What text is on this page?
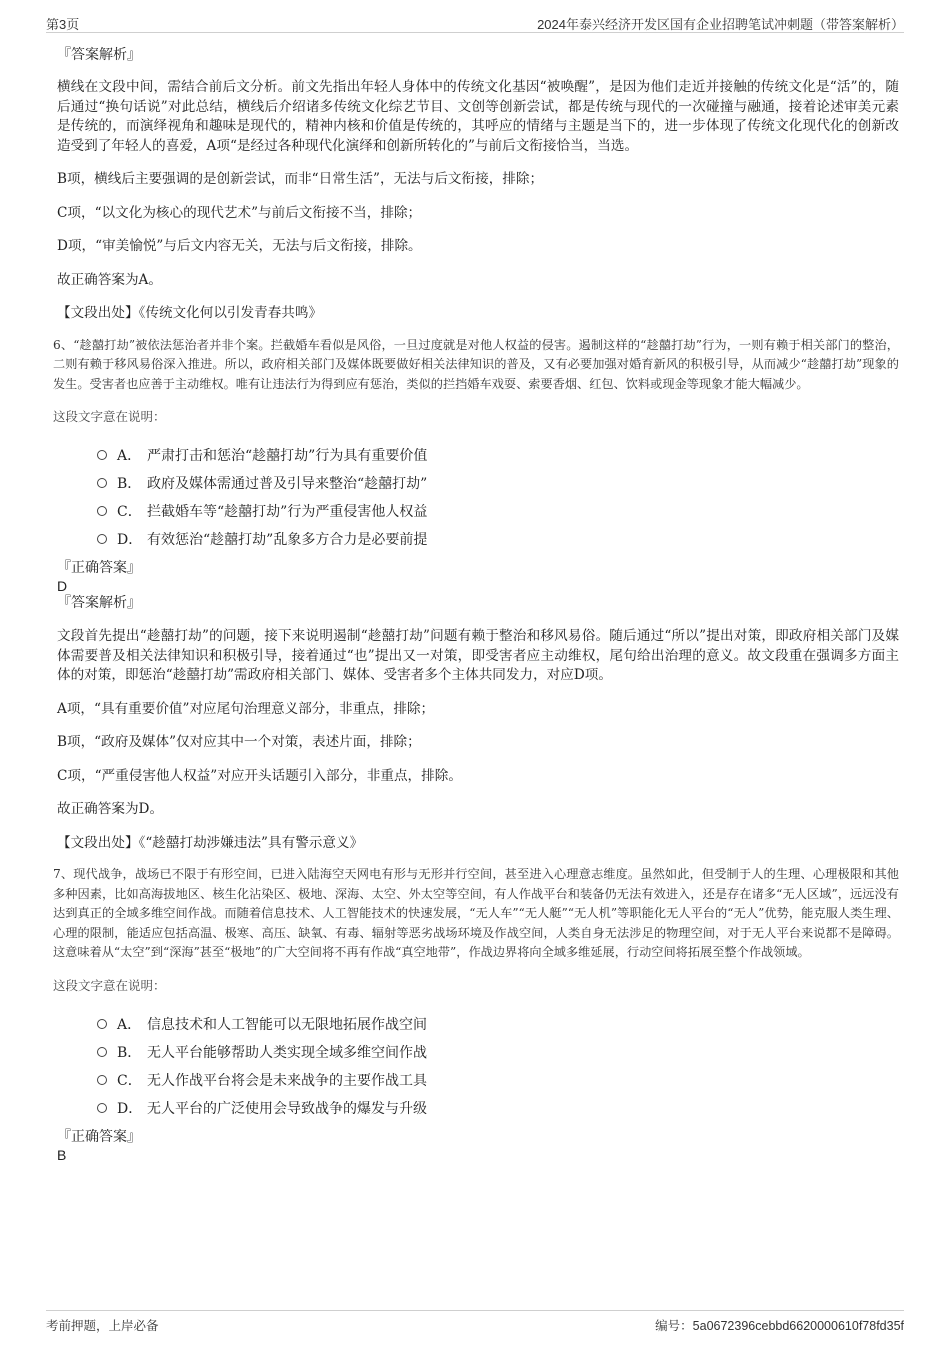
第3页	2024年泰兴经济开发区国有企业招聘笔试冲刺题（带答案解析）

『答案解析』

横线在文段中间，需结合前后文分析。前文先指出年轻人身体中的传统文化基因“被唤醒”，是因为他们走近并接触的传统文化是“活”的，随后通过“换句话说”对此总结，横线后介绍诸多传统文化综艺节目、文创等创新尝试，都是传统与现代的一次碰撞与融通，接着论述审美元素是传统的，而演绎视角和趣味是现代的，精神内核和价值是传统的，其呼应的情绪与主题是当下的，进一步体现了传统文化现代化的创新改造受到了年轻人的喜爱，A项“是经过各种现代化演绎和创新所转化的”与前后文衔接恰当，当选。

B项，横线后主要强调的是创新尝试，而非“日常生活”，无法与后文衔接，排除；

C项，“以文化为核心的现代艺术”与前后文衔接不当，排除；

D项，“审美愉悦”与后文内容无关，无法与后文衔接，排除。

故正确答案为A。

【文段出处】《传统文化何以引发青春共鸣》

6、“趁囍打劫”被依法惩治者并非个案。拦截婚车看似是风俗，一旦过度就是对他人权益的侵害。遏制这样的“趁囍打劫”行为，一则有赖于相关部门的整治，二则有赖于移风易俗深入推进。所以，政府相关部门及媒体既要做好相关法律知识的普及，又有必要加强对婚育新风的积极引导，从而减少“趁囍打劫”现象的发生。受害者也应善于主动维权。唯有让违法行为得到应有惩治，类似的拦挡婚车戏耍、索要香烟、红包、饮料或现金等现象才能大幅减少。

这段文字意在说明：

A． 严肃打击和惩治“趁囍打劫”行为具有重要价值
B． 政府及媒体需通过普及引导来整治“趁囍打劫”
C． 拦截婚车等“趁囍打劫”行为严重侵害他人权益
D． 有效惩治“趁囍打劫”乱象多方合力是必要前提

『正确答案』

D

『答案解析』

文段首先提出“趁囍打劫”的问题，接下来说明遏制“趁囍打劫”问题有赖于整治和移风易俗。随后通过“所以”提出对策，即政府相关部门及媒体需要普及相关法律知识和积极引导，接着通过“也”提出又一对策，即受害者应主动维权，尾句给出治理的意义。故文段重在强调多方面主体的对策，即惩治“趁囍打劫”需政府相关部门、媒体、受害者多个主体共同发力，对应D项。

A项，“具有重要价值”对应尾句治理意义部分，非重点，排除；

B项，“政府及媒体”仅对应其中一个对策，表述片面，排除；

C项，“严重侵害他人权益”对应开头话题引入部分，非重点，排除。

故正确答案为D。

【文段出处】《“趁囍打劫涉嫌违法”具有警示意义》

7、现代战争，战场已不限于有形空间，已进入陆海空天网电有形与无形并行空间，甚至进入心理意志维度。虽然如此，但受制于人的生理、心理极限和其他多种因素，比如高海拔地区、核生化沾染区、极地、深海、太空、外太空等空间，有人作战平台和装备仍无法有效进入，还是存在诸多“无人区域”，远远没有达到真正的全域多维空间作战。而随着信息技术、人工智能技术的快速发展，“无人车”“无人艇”“无人机”等职能化无人平台的“无人”优势，能克服人类生理、心理的限制，能适应包括高温、极寒、高压、缺氧、有毒、辐射等恶劣战场环境及作战空间，人类自身无法涉足的物理空间，对于无人平台来说都不是障碍。这意味着从“太空”到“深海”甚至“极地”的广大空间将不再有作战“真空地带”，作战边界将向全域多维延展，行动空间将拓展至整个作战领域。

这段文字意在说明：

A． 信息技术和人工智能可以无限地拓展作战空间
B． 无人平台能够帮助人类实现全域多维空间作战
C． 无人作战平台将会是未来战争的主要作战工具
D． 无人平台的广泛使用会导致战争的爆发与升级

『正确答案』

B

考前押题，上岸必备	编号：5a0672396cebbd6620000610f78fd35f
